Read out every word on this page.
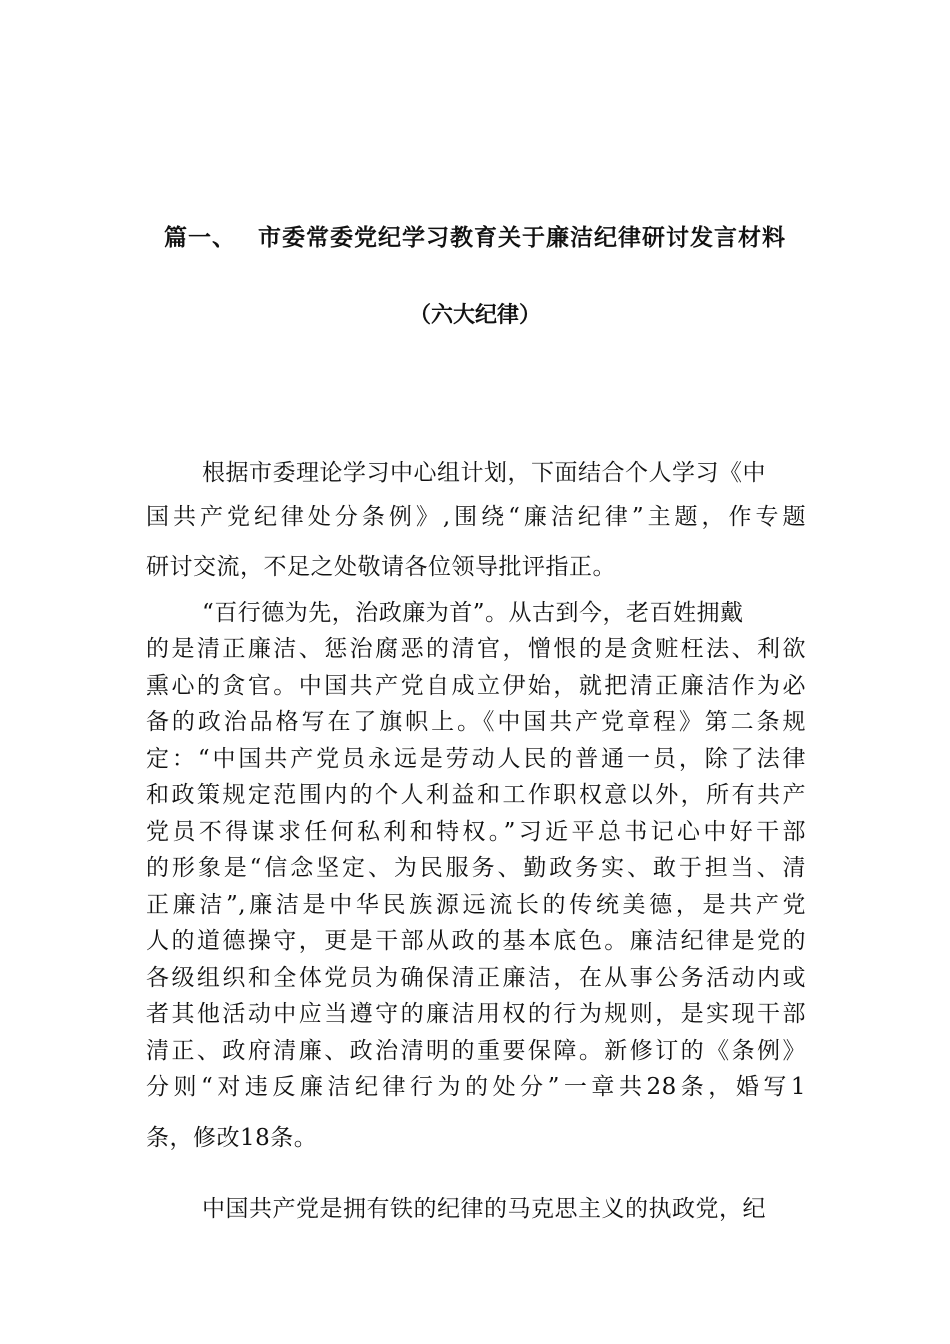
篇一、 市委常委党纪学习教育关于廉洁纪律研讨发言材料
（六大纪律）
根据市委理论学习中心组计划，下面结合个人学习《中
国共产党纪律处分条例》,围绕“廉洁纪律”主题，作专题
研讨交流，不足之处敬请各位领导批评指正。
“百行德为先，治政廉为首”。从古到今，老百姓拥戴
的是清正廉洁、惩治腐恶的清官，憎恨的是贪赃枉法、利欲
熏心的贪官。中国共产党自成立伊始，就把清正廉洁作为必
备的政治品格写在了旗帜上。《中国共产党章程》第二条规
定：“中国共产党员永远是劳动人民的普通一员，除了法律
和政策规定范围内的个人利益和工作职权意以外，所有共产
党员不得谋求任何私利和特权。”习近平总书记心中好干部
的形象是“信念坚定、为民服务、勤政务实、敢于担当、清
正廉洁”,廉洁是中华民族源远流长的传统美德，是共产党
人的道德操守，更是干部从政的基本底色。廉洁纪律是党的
各级组织和全体党员为确保清正廉洁，在从事公务活动内或
者其他活动中应当遵守的廉洁用权的行为规则，是实现干部
清正、政府清廉、政治清明的重要保障。新修订的《条例》
分则“对违反廉洁纪律行为的处分”一章共28条，婚写1
条，修改18条。
中国共产党是拥有铁的纪律的马克思主义的执政党，纪
